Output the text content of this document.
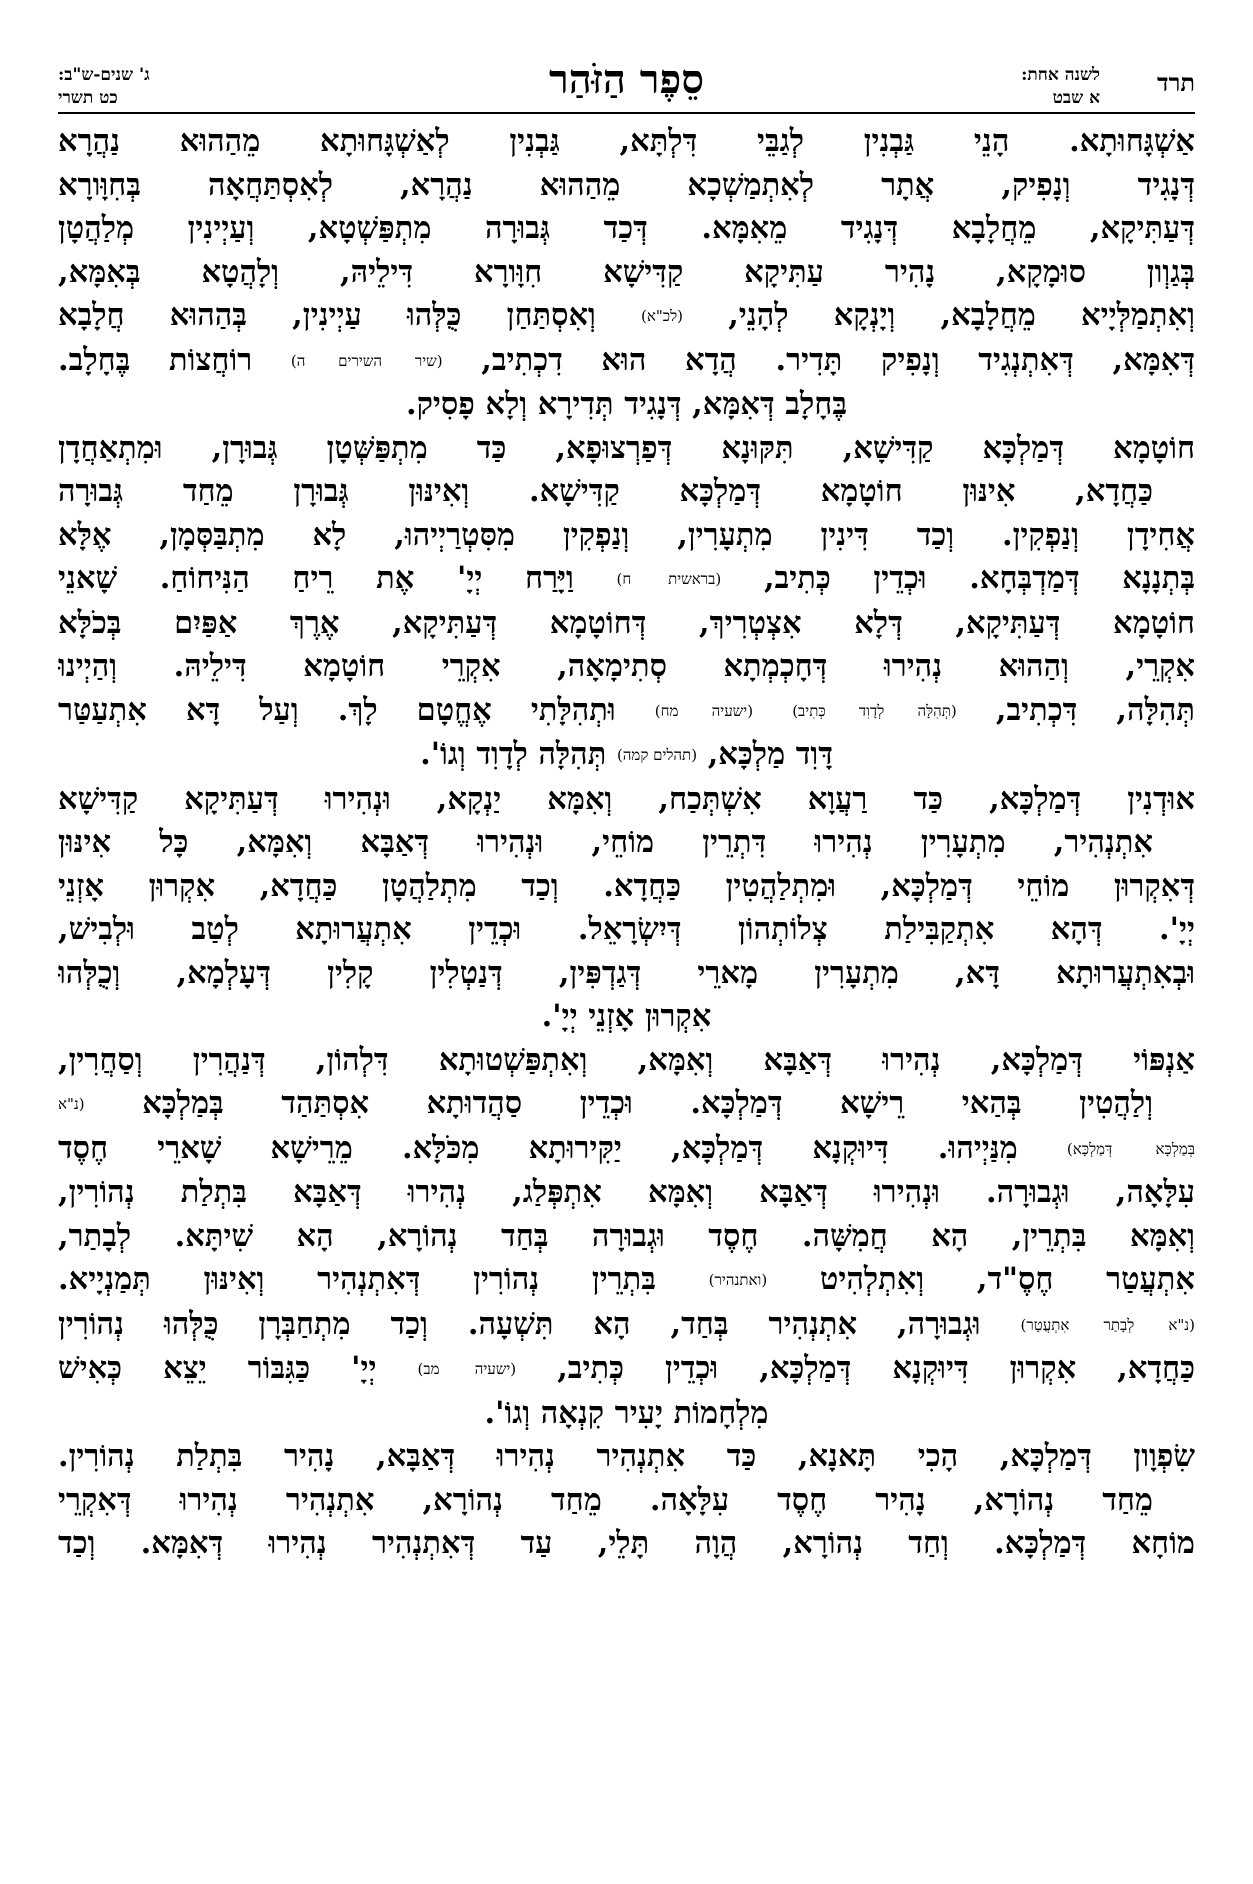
תרד
לשנה אחת:
א שבט
סֵפֶר הַזֹּהַר
ג' שנים-ש"ב:
כט תשרי
אַשְׁגָּחוּתָא. הָנֵי גַּבְנִין לְגַבֵּי דִּלְתָּא, גַּבְנִין לְאַשְׁגָּחוּתָא מֵהַהוּא נַהֲרָא
דְּנָגִיד וְנָפִיק, אֲתָר לְאִתְמַשְׁכָא מֵהַהוּא נַהֲרָא, לְאִסְתַּחֲאָה בְּחִוָּורָא
דְּעַתִּיקָא, מֵחֲלָבָא דְּנָגִיד מֵאִמָּא. דְּכַד גְּבוּרָה מִתְפַּשְׁטָא, וְעַיְינִין מְלַהֲטָן
בְּגַוְון סוּמָקָא, נָהִיר עַתִּיקָא קַדִּישָׁא חִוָּורָא דִּילֵיהּ, וְלָהֲטָא בְּאִמָּא,
וְאִתְמַלְּיָיא מֵחֲלָבָא, וְיָנְקָא לְהָנֵי, (לכ"א) וְאִסְתַּחַן כֻּלְּהוּ עַיְינִין, בְּהַהוּא חֲלָבָא
דְּאִמָּא, דְּאִתְנְגִיד וְנָפִיק תָּדִיר. הֲדָא הוּא דִכְתִיב, (שיר השירים ה) רוֹחֲצוֹת בֶּחָלָב.
בֶּחָלָב דְּאִמָּא, דְּנָגִיד תְּדִירָא וְלָא פָסִיק.
חוֹטָמָא דְּמַלְכָּא קַדִּישָׁא, תִּקּוּנָא דְּפַרְצוּפָא, כַּד מִתְפַּשְּׁטָן גְּבוּרָן, וּמִתְאַחֲדָן
כַּחֲדָא, אִינּוּן חוֹטָמָא דְּמַלְכָּא קַדִּישָׁא. וְאִינּוּן גְּבוּרָן מֵחַד גְּבוּרָה
אֲחִידָן וְנַפְקִין. וְכַד דִּינִין מִתְעָרִין, וְנַפְקִין מִסִּטְרַיְיהוּ, לָא מִתְבַּסְּמָן, אֶלָּא
בְּתְנָנָא דְּמַדְבְּחָא. וּכְדֵין כְּתִיב, (בראשית ח) וַיָּרַח יְיָ' אֶת רֵיחַ הַנִּיחוֹחַ. שָׁאנֵי
חוֹטָמָא דְּעַתִּיקָא, דְּלָא אִצְטְרִיךְ, דְּחוֹטָמָא דְּעַתִּיקָא, אֶרֶךְ אַפַּיִם בְּכֹלָּא
אִקְרֵי, וְהַהוּא נְהִירוּ דְּחָכְמְתָא סְתִימָאָה, אִקְרֵי חוֹטָמָא דִּילֵיהּ. וְהַיְינוּ
תְּהִלָּה, דִּכְתִיב, (תְּהִלָּה לְדָוִד כְּתִיב) (ישעיה מח) וּתְהִלָּתִי אֶחֱטָם לָךְ. וְעַל דָּא אִתְעַטַּר
דָּוִד מַלְכָּא, (תהלים קמה) תְּהִלָּה לְדָוִד וְגוֹ'.
אוּדְנִין דְּמַלְכָּא, כַּד רַעֲוָא אִשְׁתְּכַח, וְאִמָּא יַנְקָא, וּנְהִירוּ דְּעַתִּיקָא קַדִּישָׁא
אִתְנְהִיר, מִתְעָרִין נְהִירוּ דִּתְרֵין מוֹחֵי, וּנְהִירוּ דְּאַבָּא וְאִמָּא, כָּל אִינּוּן
דְּאִקְרוּן מוֹחֵי דְּמַלְכָּא, וּמִתְלַהֲטִין כַּחֲדָא. וְכַד מִתְלַהֲטָן כַּחֲדָא, אִקְרוּן אָזְנֵי
יְיָ'. דְּהָא אִתְקַבִּילַת צְלוֹתְהוֹן דְּיִשְׂרָאֵל. וּכְדֵין אִתְעֲרוּתָא לְטַב וּלְבִישׁ,
וּבְאִתְעֲרוּתָא דָּא, מִתְעָרִין מָארֵי דְּגַדְפִּין, דְּנַטְלִין קָלִין דְּעָלְמָא, וְכֻלְּהוּ
אִקְרוּן אָזְנֵי יְיָ'.
אַנְפּוֹי דְּמַלְכָּא, נְהִירוּ דְּאַבָּא וְאִמָּא, וְאִתְפַּשְׁטוּתָא דִּלְהוֹן, דְּנַהֲרִין וְסַחֲרִין,
וְלַהֲטִין בְּהַאי רֵישָׁא דְּמַלְכָּא. וּכְדֵין סַהֲדוּתָא אִסְתַּהַד בְּמַלְכָּא (נ"א
בְּמַלְכָּא דְּמַלְכָּא) מִנַּיְיהוּ. דִּיוּקְנָא דְּמַלְכָּא, יַקִּירוּתָא מִכֹּלָּא. מֵרֵישָׁא שָׁארֵי חֶסֶד
עִלָּאָה, וּגְבוּרָה. וּנְהִירוּ דְּאַבָּא וְאִמָּא אִתְפְּלַג, נְהִירוּ דְּאַבָּא בִּתְלַת נְהוֹרִין,
וְאִמָּא בִּתְרֵין, הָא חֲמִשָּׁה. חֶסֶד וּגְבוּרָה בְּחַד נְהוֹרָא, הָא שִׁיתָּא. לְבָתַר,
אִתְעֲטַר חֶסֶ"ד, וְאִתְלְהִיט (ואתנהיר) בִּתְרֵין נְהוֹרִין דְּאִתְנְהִיר וְאִינּוּן תְּמַנְיָיא.
(נ"א לְבָתַר אִתְעֲטָר) וּגְבוּרָה, אִתְנְהִיר בְּחַד, הָא תִּשְׁעָה. וְכַד מִתְחַבְּרָן כֻּלְּהוּ נְהוֹרִין
כַּחֲדָא, אִקְרוּן דִּיוּקְנָא דְּמַלְכָּא, וּכְדֵין כְּתִיב, (ישעיה מב) יְיָ' כַּגִּבּוֹר יֵצֵא כְּאִישׁ
מִלְחָמוֹת יָעִיר קִנְאָה וְגוֹ'.
שִׂפְוָון דְּמַלְכָּא, הָכִי תָּאנָא, כַּד אִתְנְהִיר נְהִירוּ דְּאַבָּא, נָהִיר בִּתְלַת נְהוֹרִין.
מֵחַד נְהוֹרָא, נָהִיר חֶסֶד עִלָּאָה. מֵחַד נְהוֹרָא, אִתְנְהִיר נְהִירוּ דְּאִקְרֵי
מוֹחָא דְּמַלְכָּא. וְחַד נְהוֹרָא, הֲוָה תָּלֵי, עַד דְּאִתְנְהִיר נְהִירוּ דְּאִמָּא. וְכַד
